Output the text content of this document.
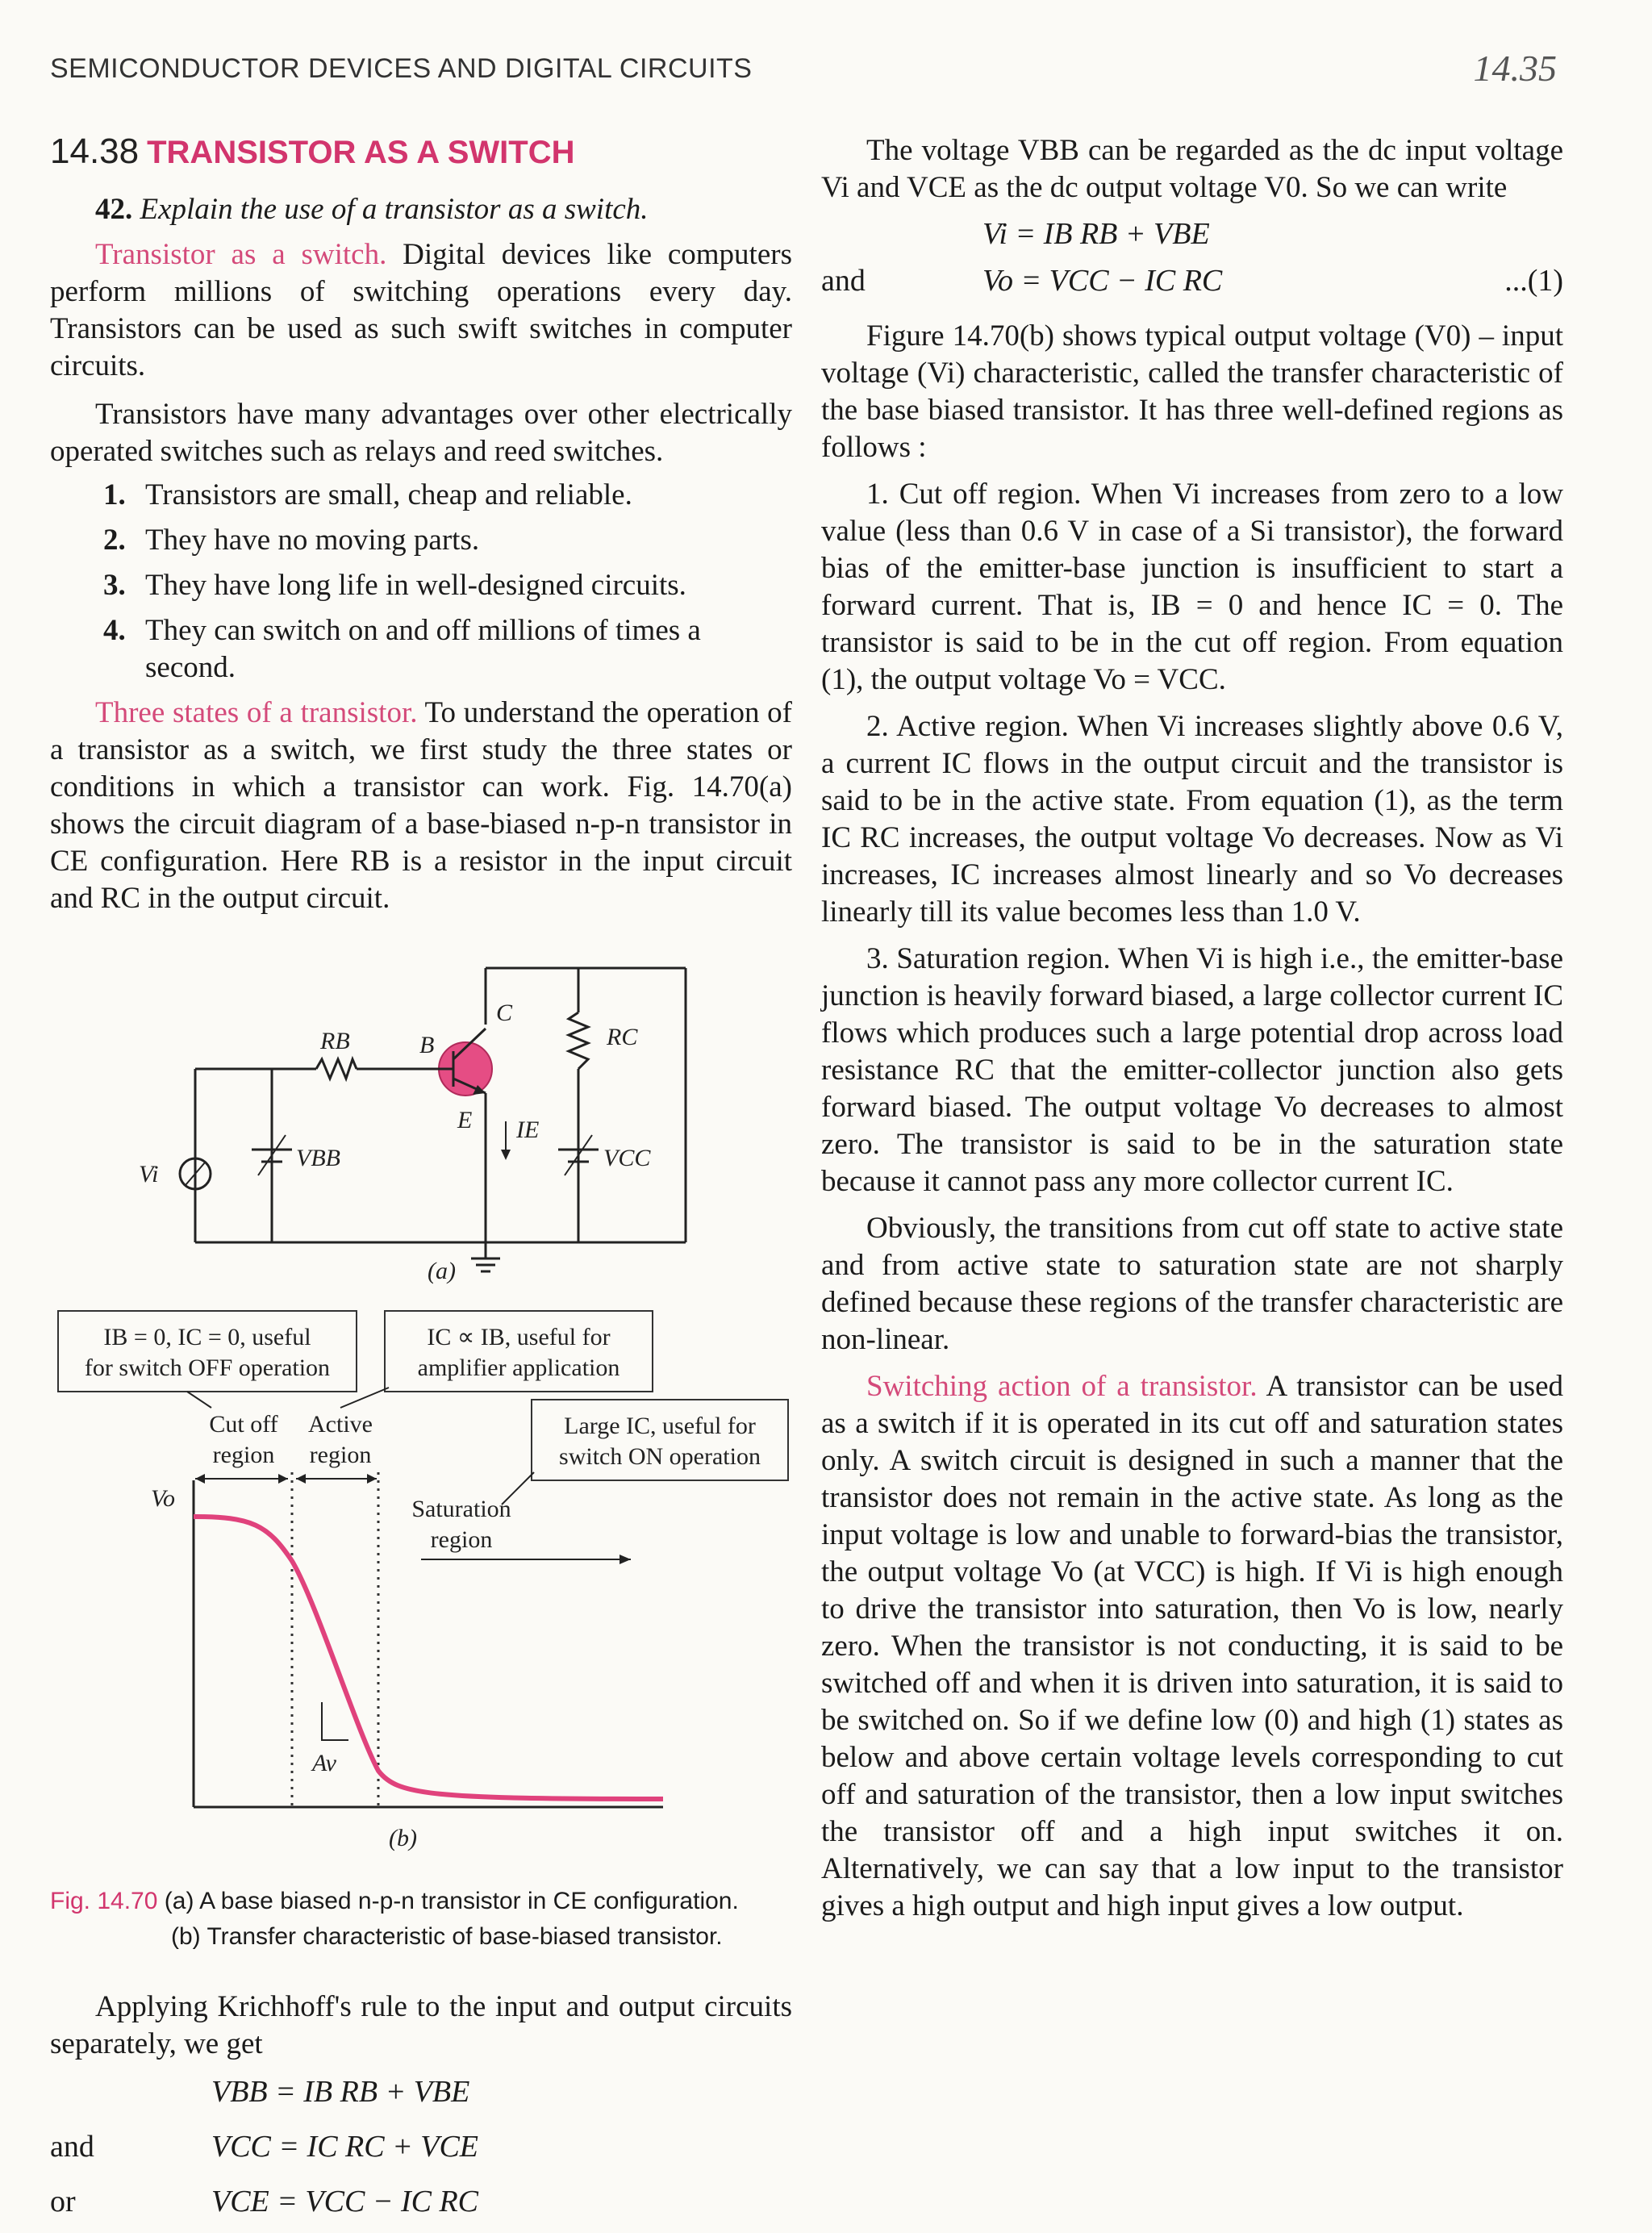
SEMICONDUCTOR DEVICES AND DIGITAL CIRCUITS	14.35
14.38 TRANSISTOR AS A SWITCH

42. Explain the use of a transistor as a switch.

Transistor as a switch. Digital devices like computers perform millions of switching operations every day. Transistors can be used as such swift switches in computer circuits.

Transistors have many advantages over other electrically operated switches such as relays and reed switches.

1. Transistors are small, cheap and reliable.
2. They have no moving parts.
3. They have long life in well-designed circuits.
4. They can switch on and off millions of times a second.

Three states of a transistor. To understand the operation of a transistor as a switch, we first study the three states or conditions in which a transistor can work. Fig. 14.70(a) shows the circuit diagram of a base-biased n-p-n transistor in CE configuration. Here RB is a resistor in the input circuit and RC in the output circuit.

RB	B
C
E IE
RC
Vi
VBB	VCC
(a)
IB = 0, IC = 0, useful
for switch OFF operation
IC ∝ IB, useful for
amplifier application
Large IC, useful for
switch ON operation
Cut off
region
Active
region
Saturation
region
Vo
Av
(b)
Fig. 14.70 (a) A base biased n-p-n transistor in CE configuration.
(b) Transfer characteristic of base-biased transistor.

Applying Krichhoff's rule to the input and output circuits separately, we get

VBB = IB RB + VBE
and	VCC = IC RC + VCE
or	VCE = VCC − IC RC

The voltage VBB can be regarded as the dc input voltage Vi and VCE as the dc output voltage V0. So we can write

Vi = IB RB + VBE
and	Vo = VCC − IC RC	...(1)

Figure 14.70(b) shows typical output voltage (V0) – input voltage (Vi) characteristic, called the transfer characteristic of the base biased transistor. It has three well-defined regions as follows :

1. Cut off region. When Vi increases from zero to a low value (less than 0.6 V in case of a Si transistor), the forward bias of the emitter-base junction is insufficient to start a forward current. That is, IB = 0 and hence IC = 0. The transistor is said to be in the cut off region. From equation (1), the output voltage Vo = VCC.

2. Active region. When Vi increases slightly above 0.6 V, a current IC flows in the output circuit and the transistor is said to be in the active state. From equation (1), as the term IC RC increases, the output voltage Vo decreases. Now as Vi increases, IC increases almost linearly and so Vo decreases linearly till its value becomes less than 1.0 V.

3. Saturation region. When Vi is high i.e., the emitter-base junction is heavily forward biased, a large collector current IC flows which produces such a large potential drop across load resistance RC that the emitter-collector junction also gets forward biased. The output voltage Vo decreases to almost zero. The transistor is said to be in the saturation state because it cannot pass any more collector current IC.

Obviously, the transitions from cut off state to active state and from active state to saturation state are not sharply defined because these regions of the transfer characteristic are non-linear.

Switching action of a transistor. A transistor can be used as a switch if it is operated in its cut off and saturation states only. A switch circuit is designed in such a manner that the transistor does not remain in the active state. As long as the input voltage is low and unable to forward-bias the transistor, the output voltage Vo (at VCC) is high. If Vi is high enough to drive the transistor into saturation, then Vo is low, nearly zero. When the transistor is not conducting, it is said to be switched off and when it is driven into saturation, it is said to be switched on. So if we define low (0) and high (1) states as below and above certain voltage levels corresponding to cut off and saturation of the transistor, then a low input switches the transistor off and a high input switches it on. Alternatively, we can say that a low input to the transistor gives a high output and high input gives a low output.
